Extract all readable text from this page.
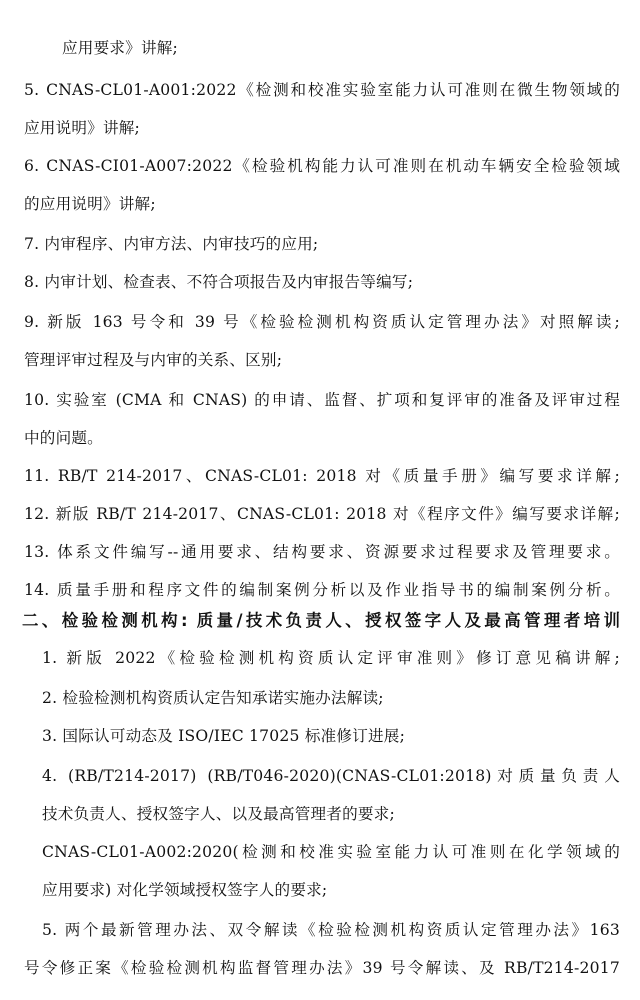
应用要求》讲解;
5. CNAS-CL01-A001:2022《检测和校准实验室能力认可准则在微生物领域的
应用说明》讲解;
6. CNAS-CI01-A007:2022《检验机构能力认可准则在机动车辆安全检验领域
的应用说明》讲解;
7. 内审程序、内审方法、内审技巧的应用;
8. 内审计划、检查表、不符合项报告及内审报告等编写;
9. 新版 163 号令和 39 号《检验检测机构资质认定管理办法》对照解读;
管理评审过程及与内审的关系、区别;
10. 实验室 (CMA 和 CNAS) 的申请、监督、扩项和复评审的准备及评审过程
中的问题。
11. RB/T 214-2017、CNAS-CL01: 2018 对《质量手册》编写要求详解;
12. 新版 RB/T 214-2017、CNAS-CL01: 2018 对《程序文件》编写要求详解;
13. 体系文件编写--通用要求、结构要求、资源要求过程要求及管理要求。
14. 质量手册和程序文件的编制案例分析以及作业指导书的编制案例分析。
二、检验检测机构: 质量/技术负责人、授权签字人及最高管理者培训
1. 新版 2022《检验检测机构资质认定评审准则》修订意见稿讲解;
2. 检验检测机构资质认定告知承诺实施办法解读;
3. 国际认可动态及 ISO/IEC 17025 标准修订进展;
4. (RB/T214-2017) (RB/T046-2020)(CNAS-CL01:2018)对质量负责人
技术负责人、授权签字人、以及最高管理者的要求;
CNAS-CL01-A002:2020(检测和校准实验室能力认可准则在化学领域的
应用要求) 对化学领域授权签字人的要求;
5. 两个最新管理办法、双令解读《检验检测机构资质认定管理办法》163
号令修正案《检验检测机构监督管理办法》39 号令解读、及 RB/T214-2017
